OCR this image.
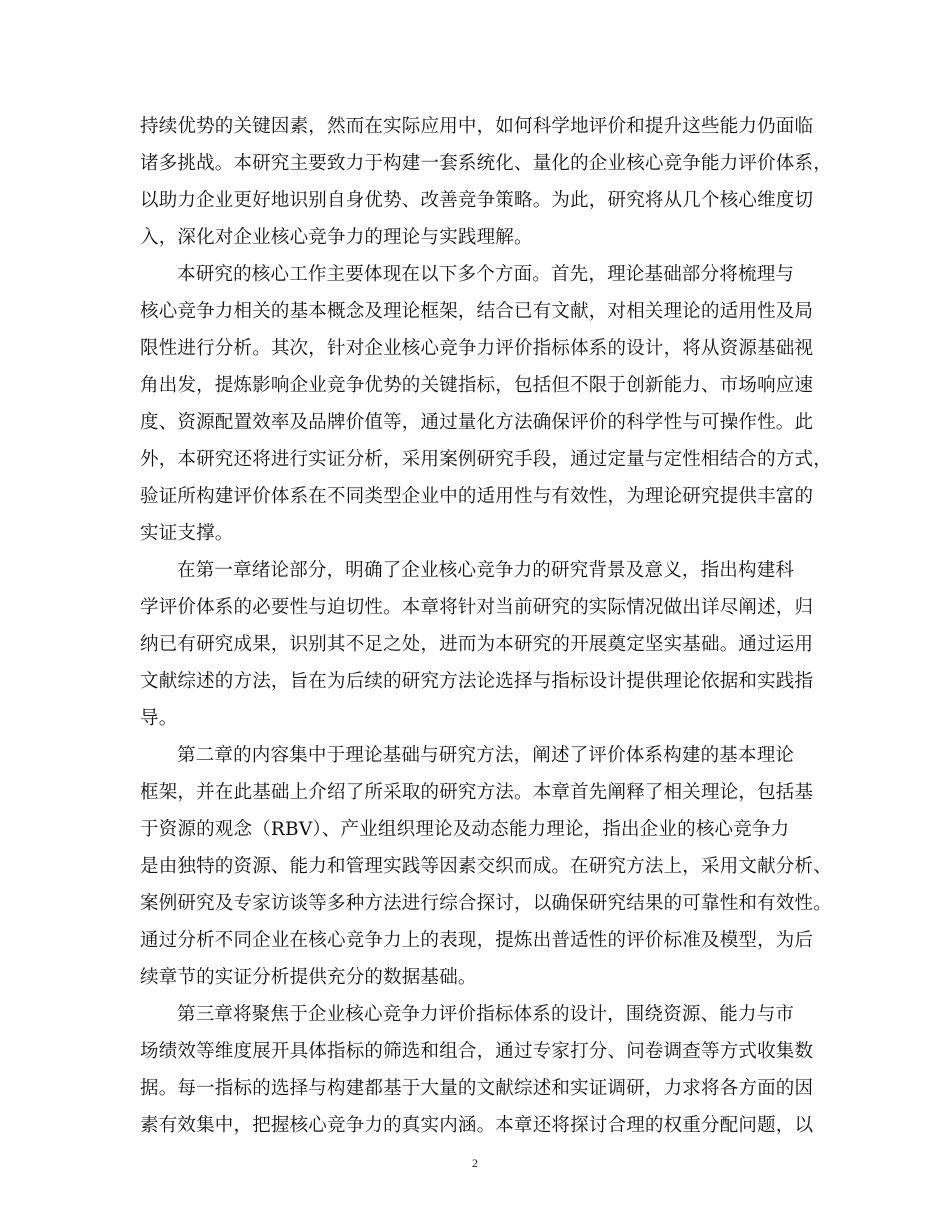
持续优势的关键因素，然而在实际应用中，如何科学地评价和提升这些能力仍面临
诸多挑战。本研究主要致力于构建一套系统化、量化的企业核心竞争能力评价体系，
以助力企业更好地识别自身优势、改善竞争策略。为此，研究将从几个核心维度切
入，深化对企业核心竞争力的理论与实践理解。
本研究的核心工作主要体现在以下多个方面。首先，理论基础部分将梳理与
核心竞争力相关的基本概念及理论框架，结合已有文献，对相关理论的适用性及局
限性进行分析。其次，针对企业核心竞争力评价指标体系的设计，将从资源基础视
角出发，提炼影响企业竞争优势的关键指标，包括但不限于创新能力、市场响应速
度、资源配置效率及品牌价值等，通过量化方法确保评价的科学性与可操作性。此
外，本研究还将进行实证分析，采用案例研究手段，通过定量与定性相结合的方式，
验证所构建评价体系在不同类型企业中的适用性与有效性，为理论研究提供丰富的
实证支撑。
在第一章绪论部分，明确了企业核心竞争力的研究背景及意义，指出构建科
学评价体系的必要性与迫切性。本章将针对当前研究的实际情况做出详尽阐述，归
纳已有研究成果，识别其不足之处，进而为本研究的开展奠定坚实基础。通过运用
文献综述的方法，旨在为后续的研究方法论选择与指标设计提供理论依据和实践指
导。
第二章的内容集中于理论基础与研究方法，阐述了评价体系构建的基本理论
框架，并在此基础上介绍了所采取的研究方法。本章首先阐释了相关理论，包括基
于资源的观念（RBV）、产业组织理论及动态能力理论，指出企业的核心竞争力
是由独特的资源、能力和管理实践等因素交织而成。在研究方法上，采用文献分析、
案例研究及专家访谈等多种方法进行综合探讨，以确保研究结果的可靠性和有效性。
通过分析不同企业在核心竞争力上的表现，提炼出普适性的评价标准及模型，为后
续章节的实证分析提供充分的数据基础。
第三章将聚焦于企业核心竞争力评价指标体系的设计，围绕资源、能力与市
场绩效等维度展开具体指标的筛选和组合，通过专家打分、问卷调查等方式收集数
据。每一指标的选择与构建都基于大量的文献综述和实证调研，力求将各方面的因
素有效集中，把握核心竞争力的真实内涵。本章还将探讨合理的权重分配问题，以
2
